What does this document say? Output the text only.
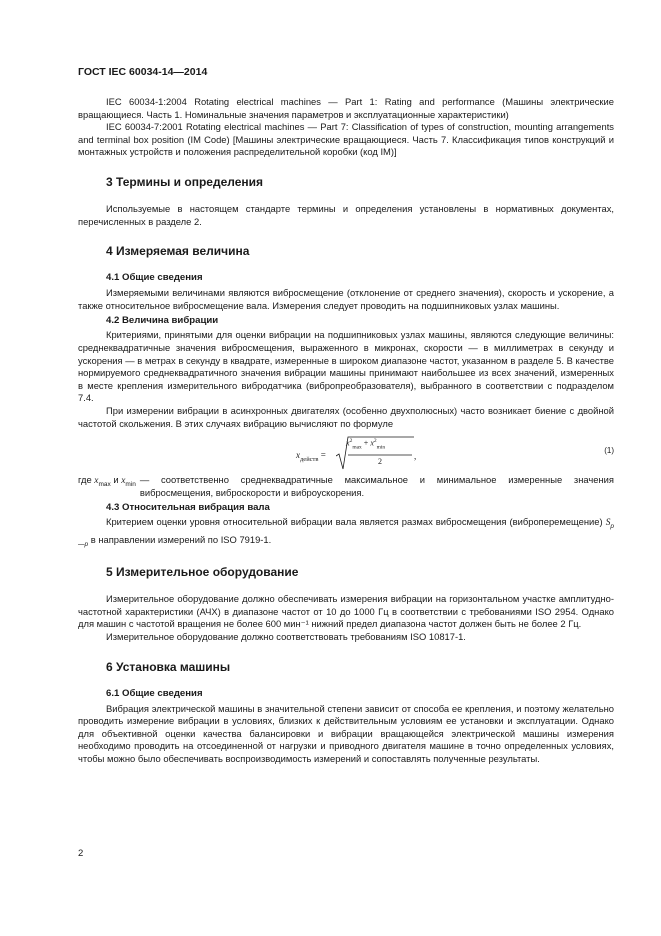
ГОСТ IEC 60034-14—2014

IEC 60034-1:2004 Rotating electrical machines — Part 1: Rating and performance (Машины электрические вращающиеся. Часть 1. Номинальные значения параметров и эксплуатационные характеристики)

IEC 60034-7:2001 Rotating electrical machines — Part 7: Classification of types of construction, mounting arrangements and terminal box position (IM Code) [Машины электрические вращающиеся. Часть 7. Классификация типов конструкций и монтажных устройств и положения распределительной коробки (код IM)]

3 Термины и определения

Используемые в настоящем стандарте термины и определения установлены в нормативных документах, перечисленных в разделе 2.

4 Измеряемая величина
4.1 Общие сведения

Измеряемыми величинами являются виброcмещение (отклонение от среднего значения), скорость и ускорение, а также относительное виброcмещение вала. Измерения следует проводить на подшипниковых узлах машины.

4.2 Величина вибрации

Критериями, принятыми для оценки вибрации на подшипниковых узлах машины, являются следующие величины: среднеквадратичные значения виброcмещения, выраженного в микронах, скорости — в миллиметрах в секунду и ускорения — в метрах в секунду в квадрате, измеренные в широком диапазоне частот, указанном в разделе 5. В качестве нормируемого среднеквадратичного значения вибрации машины принимают наибольшее из всех значений, измеренных в месте крепления измерительного вибродатчика (вибропреобразователя), выбранного в соответствии с подразделом 7.4.

При измерении вибрации в асинхронных двигателях (особенно двухполюсных) часто возникает биение с двойной частотой скольжения. В этих случаях вибрацию вычисляют по формуле

$x_{действ}$ =
$x^2_{max} + x^2_{min}$
2
,
(1)
где $x_{max}$ и $x_{min}$ — соответственно среднеквадратичные максимальное и минимальное измеренные значения виброcмещения, виброскорости и виброускорения.
4.3 Относительная вибрация вала

Критерием оценки уровня относительной вибрации вала является размах виброcмещения (виброперемещение) $S_{p—p}$ в направлении измерений по ISO 7919-1.

5 Измерительное оборудование

Измерительное оборудование должно обеспечивать измерения вибрации на горизонтальном участке амплитудно-частотной характеристики (АЧХ) в диапазоне частот от 10 до 1000 Гц в соответствии с требованиями ISO 2954. Однако для машин с частотой вращения не более 600 мин⁻¹ нижний предел диапазона частот должен быть не более 2 Гц.

Измерительное оборудование должно соответствовать требованиям ISO 10817-1.

6 Установка машины
6.1 Общие сведения

Вибрация электрической машины в значительной степени зависит от способа ее крепления, и поэтому желательно проводить измерение вибрации в условиях, близких к действительным условиям ее установки и эксплуатации. Однако для объективной оценки качества балансировки и вибрации вращающейся электрической машины измерения необходимо проводить на отсоединенной от нагрузки и приводного двигателя машине в точно определенных условиях, чтобы можно было обеспечивать воспроизводимость измерений и сопоставлять полученные результаты.

2
